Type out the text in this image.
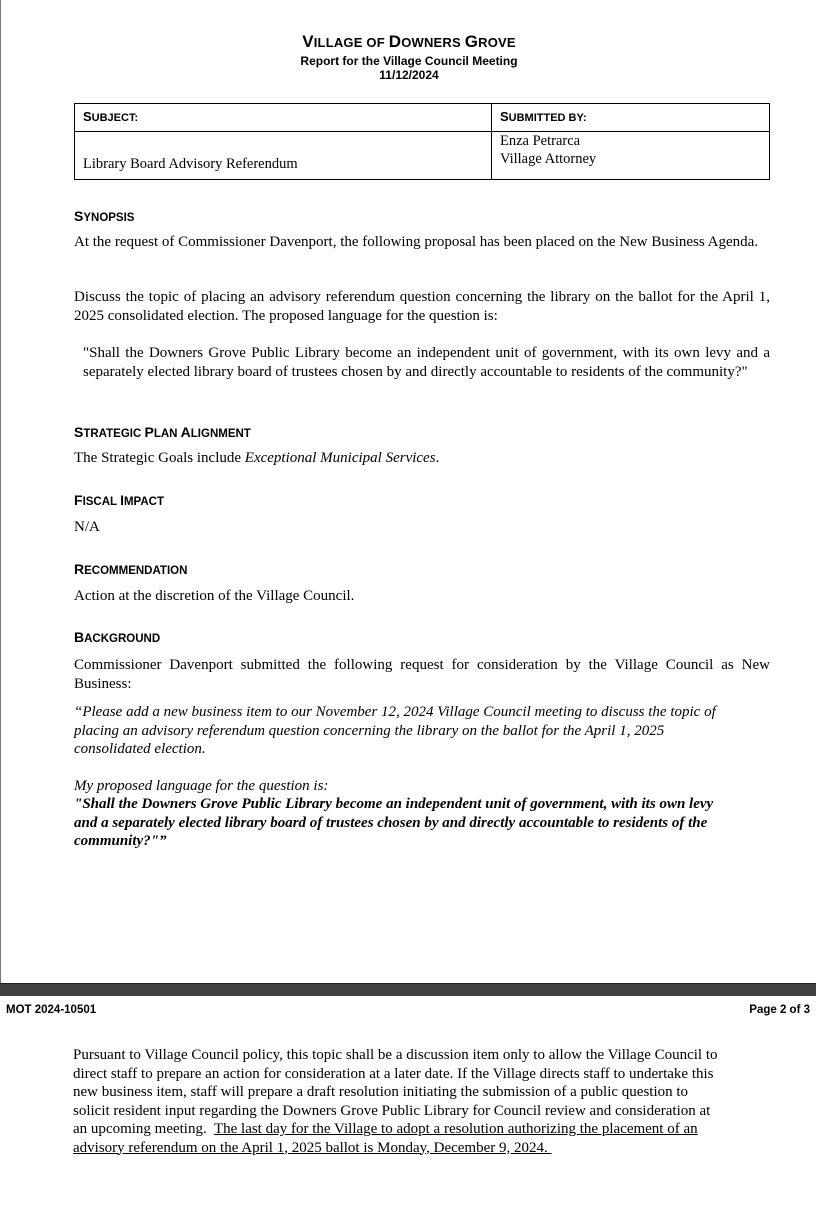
VILLAGE OF DOWNERS GROVE
Report for the Village Council Meeting
11/12/2024
SUBJECT:	SUBMITTED BY:
Library Board Advisory Referendum	Enza Petrarca
Village Attorney
SYNOPSIS
At the request of Commissioner Davenport, the following proposal has been placed on the New Business Agenda.
Discuss the topic of placing an advisory referendum question concerning the library on the ballot for the April 1, 2025 consolidated election. The proposed language for the question is:
"Shall the Downers Grove Public Library become an independent unit of government, with its own levy and a separately elected library board of trustees chosen by and directly accountable to residents of the community?"
STRATEGIC PLAN ALIGNMENT
The Strategic Goals include Exceptional Municipal Services.
FISCAL IMPACT
N/A
RECOMMENDATION
Action at the discretion of the Village Council.
BACKGROUND
Commissioner Davenport submitted the following request for consideration by the Village Council as New Business:
“Please add a new business item to our November 12, 2024 Village Council meeting to discuss the topic of
placing an advisory referendum question concerning the library on the ballot for the April 1, 2025
consolidated election.
My proposed language for the question is:
"Shall the Downers Grove Public Library become an independent unit of government, with its own levy
and a separately elected library board of trustees chosen by and directly accountable to residents of the
community?"”
MOT 2024-10501	Page 2 of 3
Pursuant to Village Council policy, this topic shall be a discussion item only to allow the Village Council to
direct staff to prepare an action for consideration at a later date. If the Village directs staff to undertake this
new business item, staff will prepare a draft resolution initiating the submission of a public question to
solicit resident input regarding the Downers Grove Public Library for Council review and consideration at
an upcoming meeting.  The last day for the Village to adopt a resolution authorizing the placement of an
advisory referendum on the April 1, 2025 ballot is Monday, December 9, 2024.
